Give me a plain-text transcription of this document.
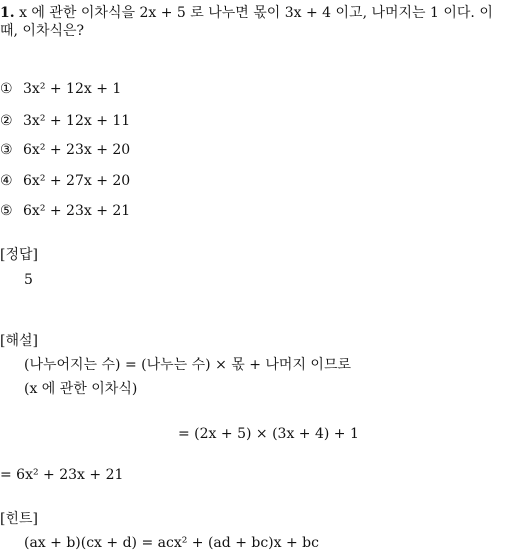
1. x 에 관한 이차식을 2x + 5 로 나누면 몫이 3x + 4 이고, 나머지는 1 이다. 이
때, 이차식은?
① 3x² + 12x + 1
② 3x² + 12x + 11
③ 6x² + 23x + 20
④ 6x² + 27x + 20
⑤ 6x² + 23x + 21
[정답]
5
[해설]
(나누어지는 수) = (나누는 수) × 몫 + 나머지 이므로
(x 에 관한 이차식)
= (2x + 5) × (3x + 4) + 1
= 6x² + 23x + 21
[힌트]
(ax + b)(cx + d) = acx² + (ad + bc)x + bc
